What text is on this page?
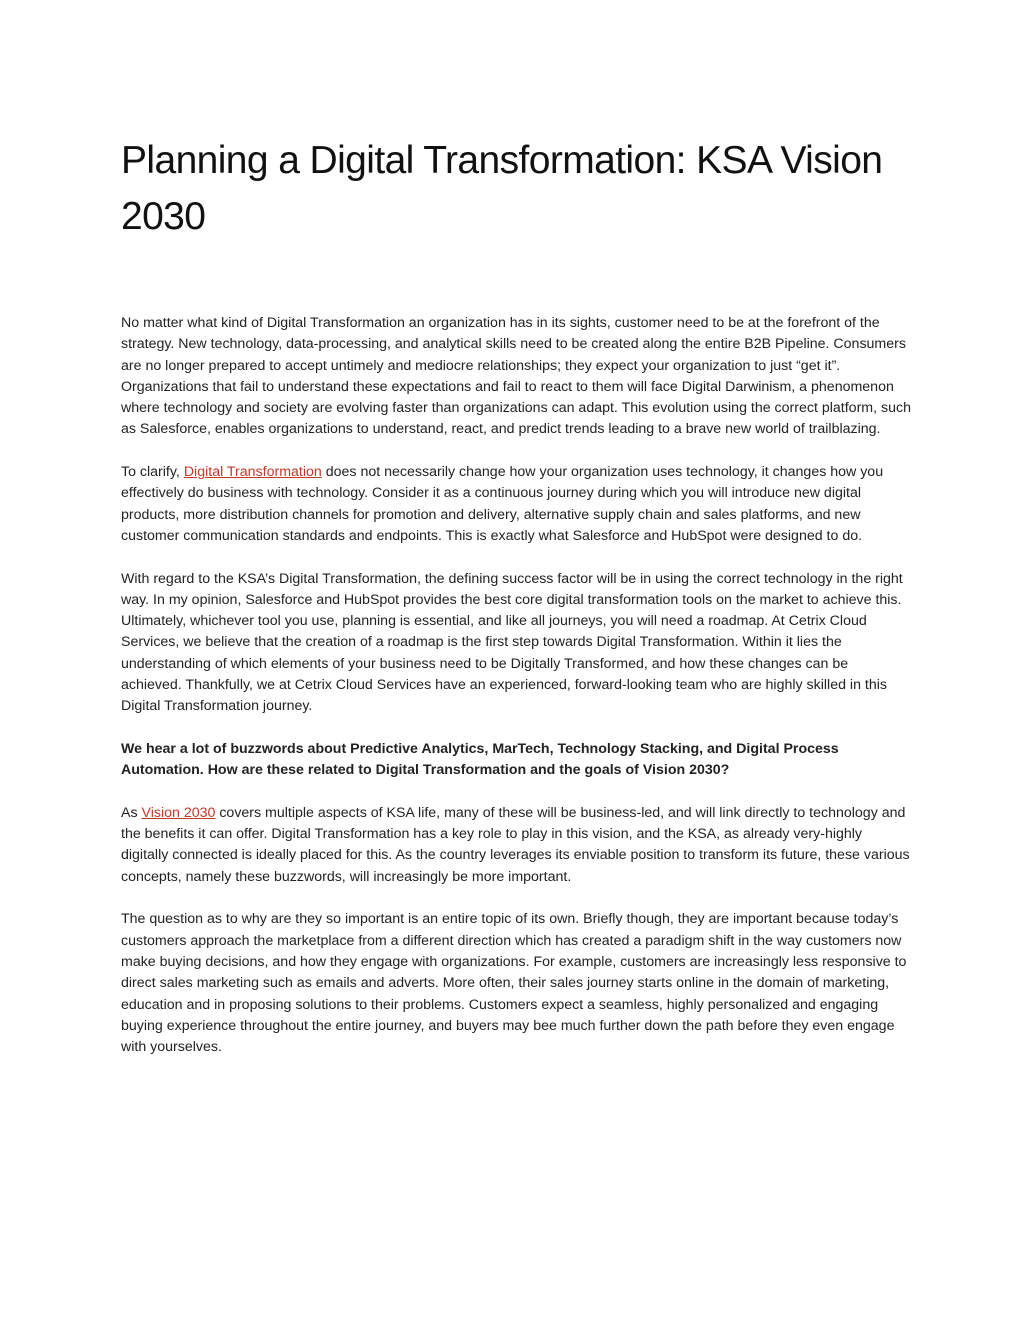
Planning a Digital Transformation: KSA Vision 2030

No matter what kind of Digital Transformation an organization has in its sights, customer need to be at the forefront of the strategy. New technology, data-processing, and analytical skills need to be created along the entire B2B Pipeline. Consumers are no longer prepared to accept untimely and mediocre relationships; they expect your organization to just “get it”. Organizations that fail to understand these expectations and fail to react to them will face Digital Darwinism, a phenomenon where technology and society are evolving faster than organizations can adapt. This evolution using the correct platform, such as Salesforce, enables organizations to understand, react, and predict trends leading to a brave new world of trailblazing.

To clarify, Digital Transformation does not necessarily change how your organization uses technology, it changes how you effectively do business with technology. Consider it as a continuous journey during which you will introduce new digital products, more distribution channels for promotion and delivery, alternative supply chain and sales platforms, and new customer communication standards and endpoints. This is exactly what Salesforce and HubSpot were designed to do.

With regard to the KSA’s Digital Transformation, the defining success factor will be in using the correct technology in the right way. In my opinion, Salesforce and HubSpot provides the best core digital transformation tools on the market to achieve this.

Ultimately, whichever tool you use, planning is essential, and like all journeys, you will need a roadmap. At Cetrix Cloud Services, we believe that the creation of a roadmap is the first step towards Digital Transformation. Within it lies the understanding of which elements of your business need to be Digitally Transformed, and how these changes can be achieved. Thankfully, we at Cetrix Cloud Services have an experienced, forward-looking team who are highly skilled in this Digital Transformation journey.

We hear a lot of buzzwords about Predictive Analytics, MarTech, Technology Stacking, and Digital Process Automation. How are these related to Digital Transformation and the goals of Vision 2030?

As Vision 2030 covers multiple aspects of KSA life, many of these will be business-led, and will link directly to technology and the benefits it can offer. Digital Transformation has a key role to play in this vision, and the KSA, as already very-highly digitally connected is ideally placed for this. As the country leverages its enviable position to transform its future, these various concepts, namely these buzzwords, will increasingly be more important.

The question as to why are they so important is an entire topic of its own. Briefly though, they are important because today’s customers approach the marketplace from a different direction which has created a paradigm shift in the way customers now make buying decisions, and how they engage with organizations. For example, customers are increasingly less responsive to direct sales marketing such as emails and adverts. More often, their sales journey starts online in the domain of marketing, education and in proposing solutions to their problems. Customers expect a seamless, highly personalized and engaging buying experience throughout the entire journey, and buyers may bee much further down the path before they even engage with yourselves.
